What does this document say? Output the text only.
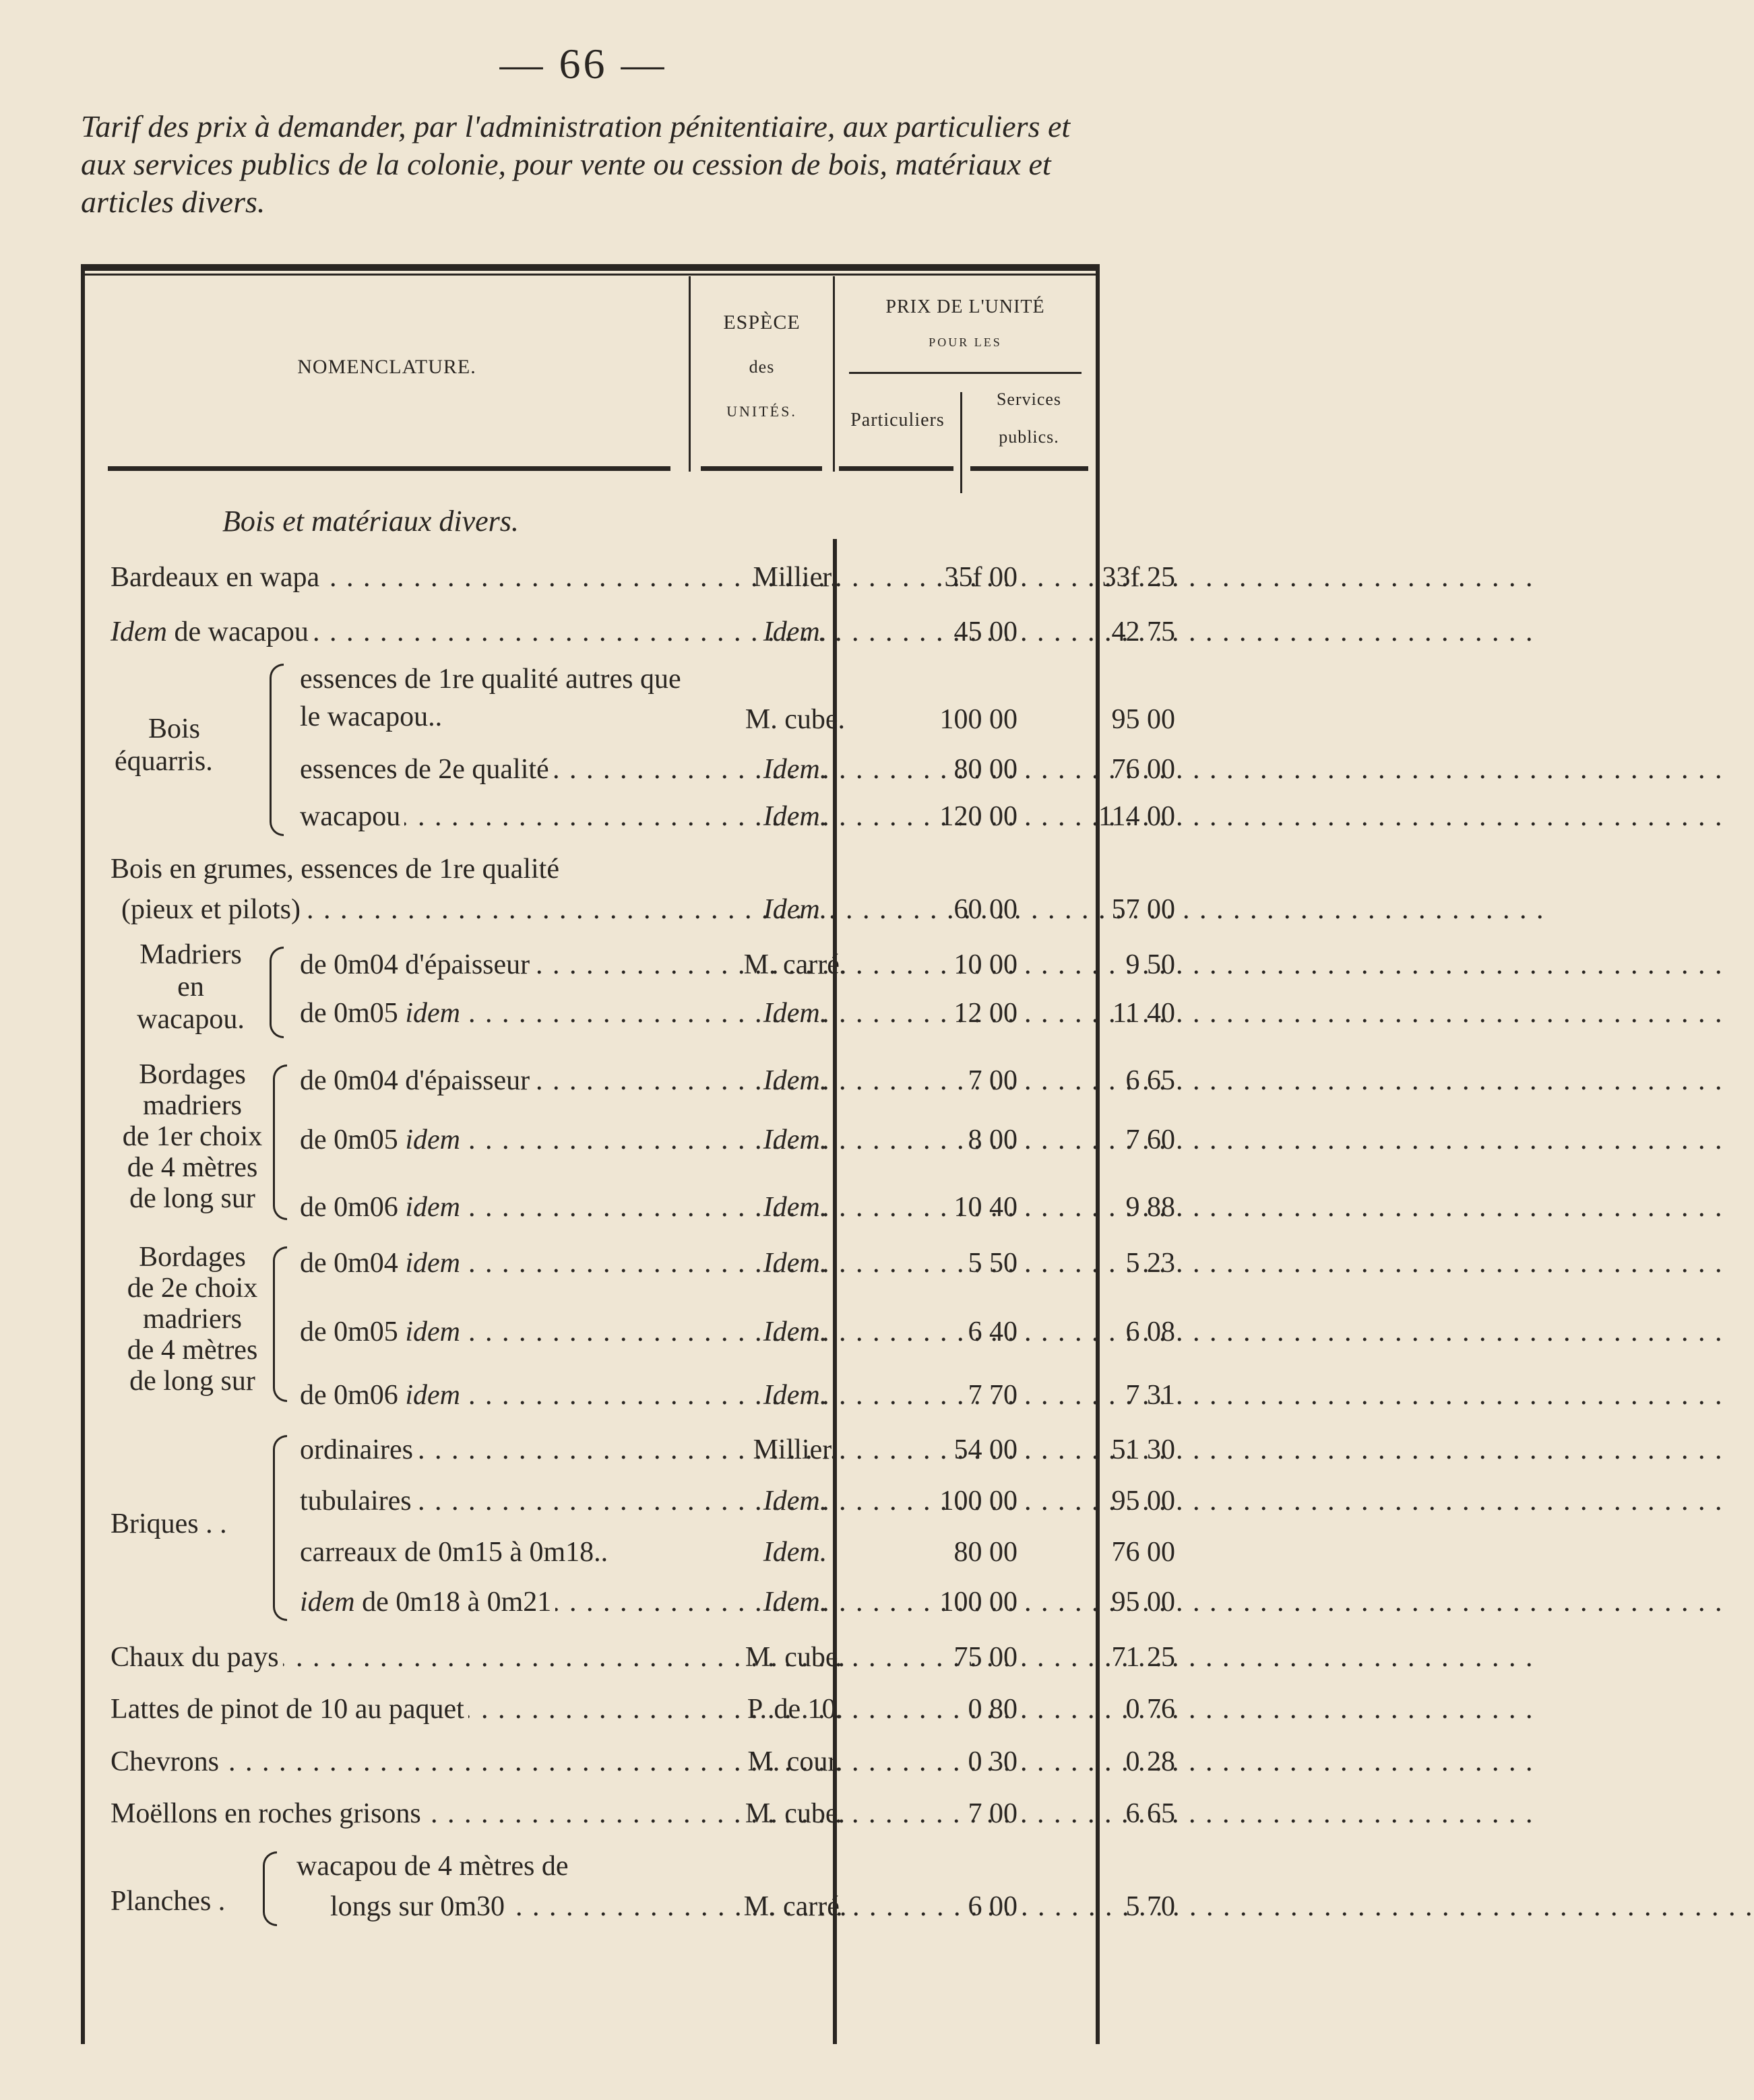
— 66 —
Tarif des prix à demander, par l'administration pénitentiaire, aux particuliers et aux services publics de la colonie, pour vente ou cession de bois, matériaux et articles divers.
NOMENCLATURE.
ESPÈCE
des
UNITÉS.
PRIX DE L'UNITÉ
POUR LES
Particuliers
Services
publics.
Bois et matériaux divers.
Bardeaux en wapa . . .	Millier.	35f 00	33f 25
Idem de wacapou . . .	Idem.	45 00	42 75
Bois
équarris.
essences de 1re qualité autres que le wacapou..	M. cube.	100 00	95 00
essences de 2e qualité . . .	Idem.	80 00	76 00
wacapou . . .	Idem.	120 00	114 00
Bois en grumes, essences de 1re qualité
(pieux et pilots) . . .	Idem.	60 00	57 00
Madriers
en
wacapou.
de 0m04 d'épaisseur . . .	M. carré.	10 00	9 50
de 0m05 idem . . .	Idem.	12 00	11 40
Bordages
madriers
de 1er choix
de 4 mètres
de long sur
de 0m04 d'épaisseur . . .	Idem.	7 00	6 65
de 0m05 idem . . .	Idem.	8 00	7 60
de 0m06 idem . . .	Idem.	10 40	9 88
Bordages
de 2e choix
madriers
de 4 mètres
de long sur
de 0m04 idem . . .	Idem.	5 50	5 23
de 0m05 idem . . .	Idem.	6 40	6 08
de 0m06 idem . . .	Idem.	7 70	7 31
Briques . .
ordinaires . . .	Millier.	54 00	51 30
tubulaires . . .	Idem.	100 00	95 00
carreaux de 0m15 à 0m18..	Idem.	80 00	76 00
idem de 0m18 à 0m21 . . .	Idem.	100 00	95 00
Chaux du pays . . .	M. cube.	75 00	71 25
Lattes de pinot de 10 au paquet . . .	P. de 10.	0 80	0 76
Chevrons . . .	M. cour.	0 30	0 28
Moëllons en roches grisons . . .	M. cube.	7 00	6 65
Planches .
wacapou de 4 mètres de
longs sur 0m30 . . .	M. carré.	6 00	5 70
